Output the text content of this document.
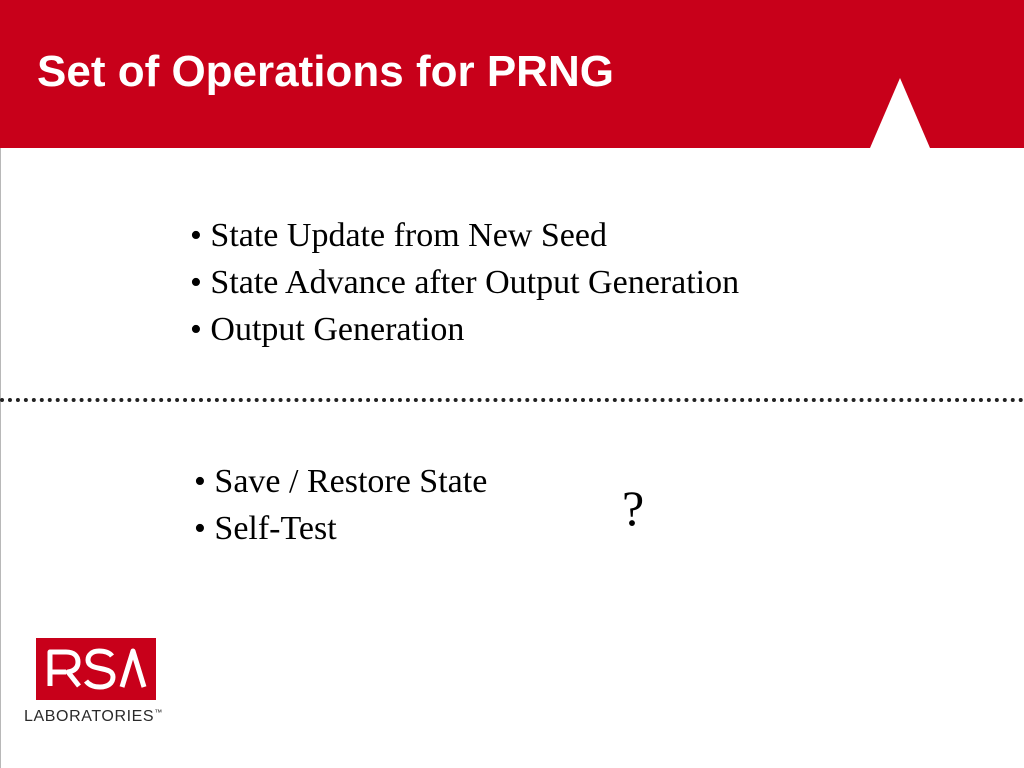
Set of Operations for PRNG
• State Update from New Seed
• State Advance after Output Generation
• Output Generation
• Save / Restore State
• Self-Test	?
LABORATORIES™
